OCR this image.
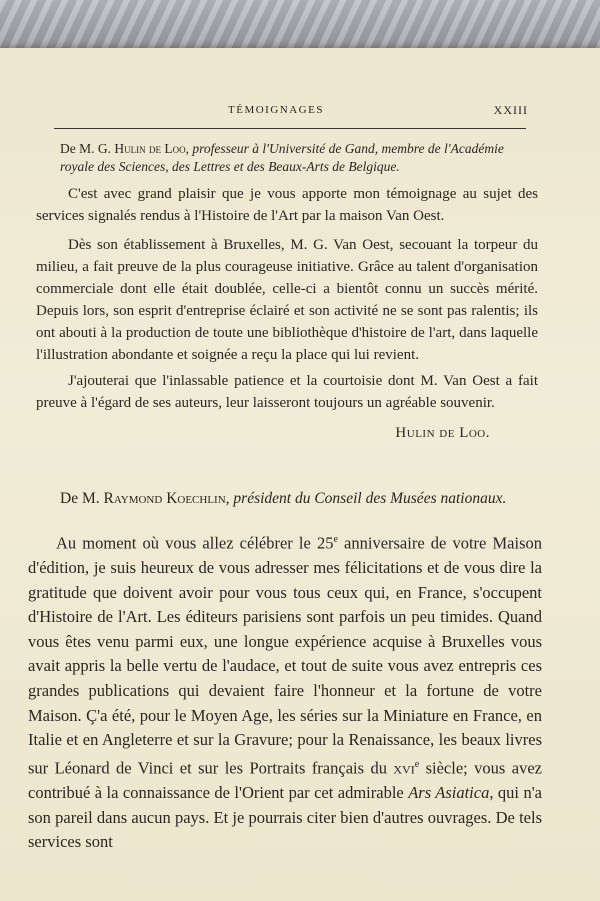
TÉMOIGNAGES	XXIII
De M. G. Hulin de Loo, professeur à l'Université de Gand, membre de l'Académie royale des Sciences, des Lettres et des Beaux-Arts de Belgique.
C'est avec grand plaisir que je vous apporte mon témoignage au sujet des services signalés rendus à l'Histoire de l'Art par la maison Van Oest.
Dès son établissement à Bruxelles, M. G. Van Oest, secouant la torpeur du milieu, a fait preuve de la plus courageuse initiative. Grâce au talent d'organisation commerciale dont elle était doublée, celle-ci a bientôt connu un succès mérité. Depuis lors, son esprit d'entreprise éclairé et son activité ne se sont pas ralentis; ils ont abouti à la production de toute une bibliothèque d'histoire de l'art, dans laquelle l'illustration abondante et soignée a reçu la place qui lui revient.
J'ajouterai que l'inlassable patience et la courtoisie dont M. Van Oest a fait preuve à l'égard de ses auteurs, leur laisseront toujours un agréable souvenir.
Hulin de Loo.
De M. Raymond Koechlin, président du Conseil des Musées nationaux.
Au moment où vous allez célébrer le 25e anniversaire de votre Maison d'édition, je suis heureux de vous adresser mes félicitations et de vous dire la gratitude que doivent avoir pour vous tous ceux qui, en France, s'occupent d'Histoire de l'Art. Les éditeurs parisiens sont parfois un peu timides. Quand vous êtes venu parmi eux, une longue expérience acquise à Bruxelles vous avait appris la belle vertu de l'audace, et tout de suite vous avez entrepris ces grandes publications qui devaient faire l'honneur et la fortune de votre Maison. Ç'a été, pour le Moyen Age, les séries sur la Miniature en France, en Italie et en Angleterre et sur la Gravure; pour la Renaissance, les beaux livres sur Léonard de Vinci et sur les Portraits français du xvi$^e$ siècle; vous avez contribué à la connaissance de l'Orient par cet admirable Ars Asiatica, qui n'a son pareil dans aucun pays. Et je pourrais citer bien d'autres ouvrages. De tels services sont
